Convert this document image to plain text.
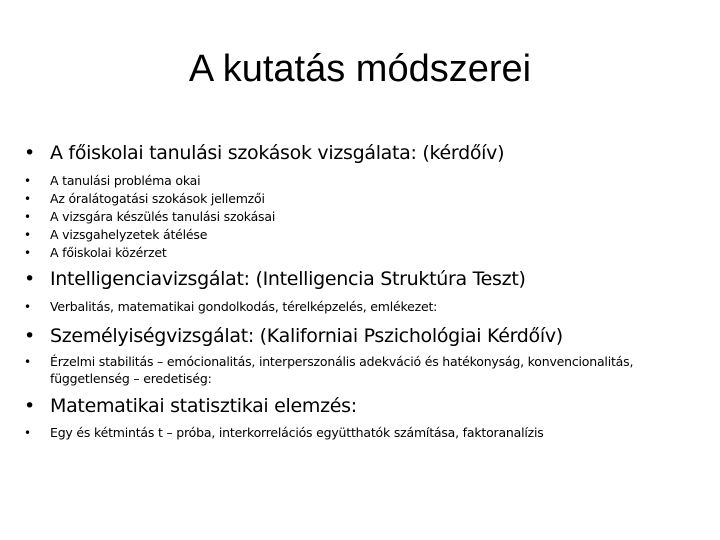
A kutatás módszerei
• A főiskolai tanulási szokások vizsgálata: (kérdőív)
•	A tanulási probléma okai
•	Az óralátogatási szokások jellemzői
•	A vizsgára készülés tanulási szokásai
•	A vizsgahelyzetek átélése
•	A főiskolai közérzet
• Intelligenciavizsgálat: (Intelligencia Struktúra Teszt)
•	Verbalitás, matematikai gondolkodás, térelképzelés, emlékezet:
• Személyiségvizsgálat: (Kaliforniai Pszichológiai Kérdőív)
•	Érzelmi stabilitás – emócionalitás, interperszonális adekváció és hatékonyság, konvencionalitás, függetlenség – eredetiség:
• Matematikai statisztikai elemzés:
•	Egy és kétmintás t – próba, interkorrelációs együtthatók számítása, faktoranalízis
